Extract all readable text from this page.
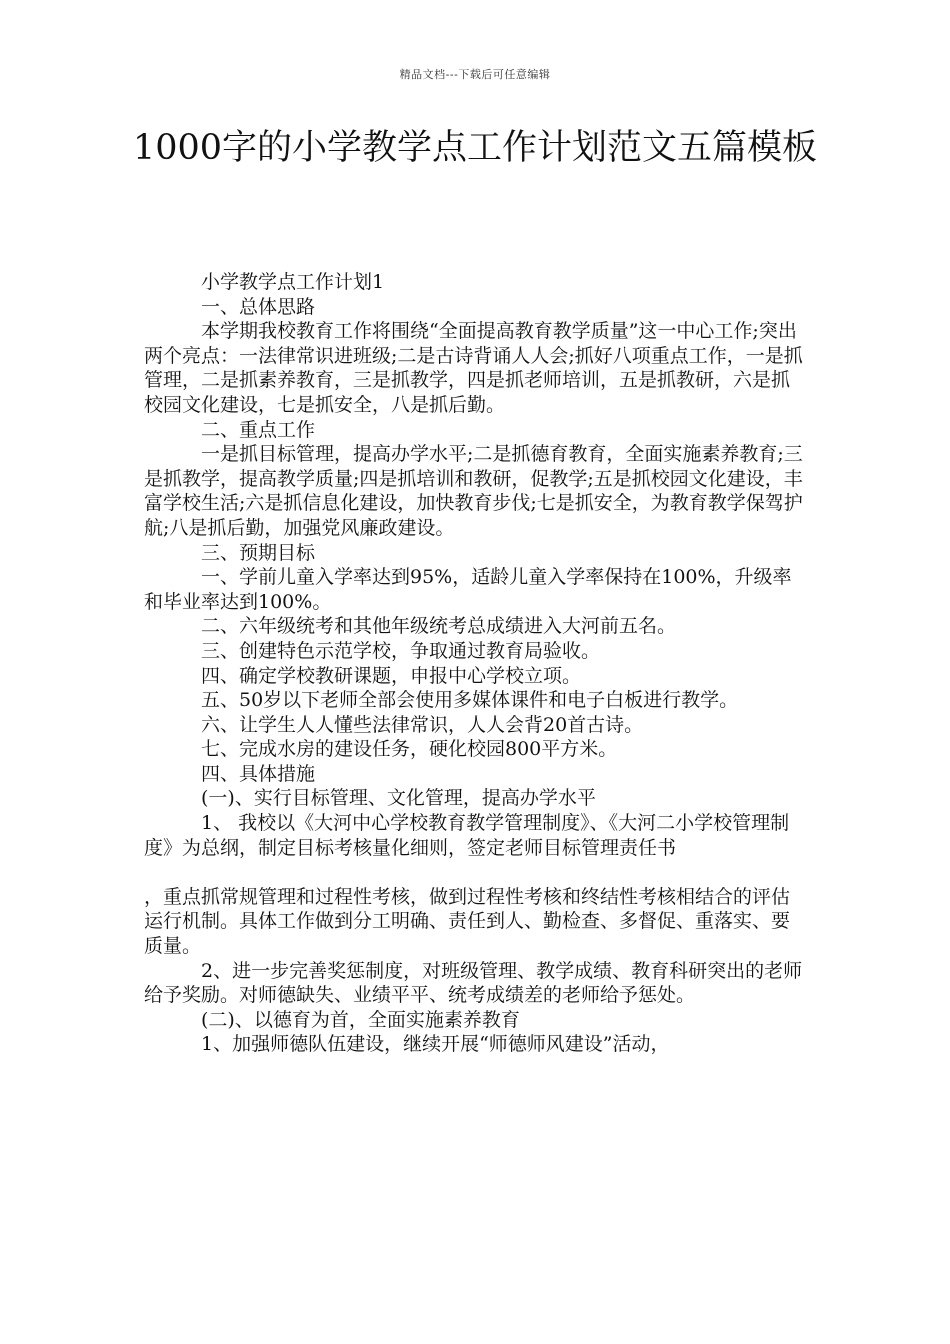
精品文档---下载后可任意编辑
1000字的小学教学点工作计划范文五篇模板

小学教学点工作计划1

一、总体思路

本学期我校教育工作将围绕“全面提高教育教学质量”这一中心工作;突出两个亮点：一法律常识进班级;二是古诗背诵人人会;抓好八项重点工作，一是抓管理，二是抓素养教育，三是抓教学，四是抓老师培训，五是抓教研，六是抓校园文化建设，七是抓安全，八是抓后勤。

二、重点工作

一是抓目标管理，提高办学水平;二是抓德育教育，全面实施素养教育;三是抓教学，提高教学质量;四是抓培训和教研，促教学;五是抓校园文化建设，丰富学校生活;六是抓信息化建设，加快教育步伐;七是抓安全，为教育教学保驾护航;八是抓后勤，加强党风廉政建设。

三、预期目标

一、学前儿童入学率达到95%，适龄儿童入学率保持在100%，升级率和毕业率达到100%。

二、六年级统考和其他年级统考总成绩进入大河前五名。

三、创建特色示范学校，争取通过教育局验收。

四、确定学校教研课题，申报中心学校立项。

五、50岁以下老师全部会使用多媒体课件和电子白板进行教学。

六、让学生人人懂些法律常识，人人会背20首古诗。

七、完成水房的建设任务，硬化校园800平方米。

四、具体措施

(一)、实行目标管理、文化管理，提高办学水平

1、 我校以《大河中心学校教育教学管理制度》、《大河二小学校管理制度》为总纲，制定目标考核量化细则，签定老师目标管理责任书

，重点抓常规管理和过程性考核，做到过程性考核和终结性考核相结合的评估运行机制。具体工作做到分工明确、责任到人、勤检查、多督促、重落实、要质量。

2、进一步完善奖惩制度，对班级管理、教学成绩、教育科研突出的老师给予奖励。对师德缺失、业绩平平、统考成绩差的老师给予惩处。

(二)、以德育为首，全面实施素养教育

1、加强师德队伍建设，继续开展“师德师风建设”活动，
